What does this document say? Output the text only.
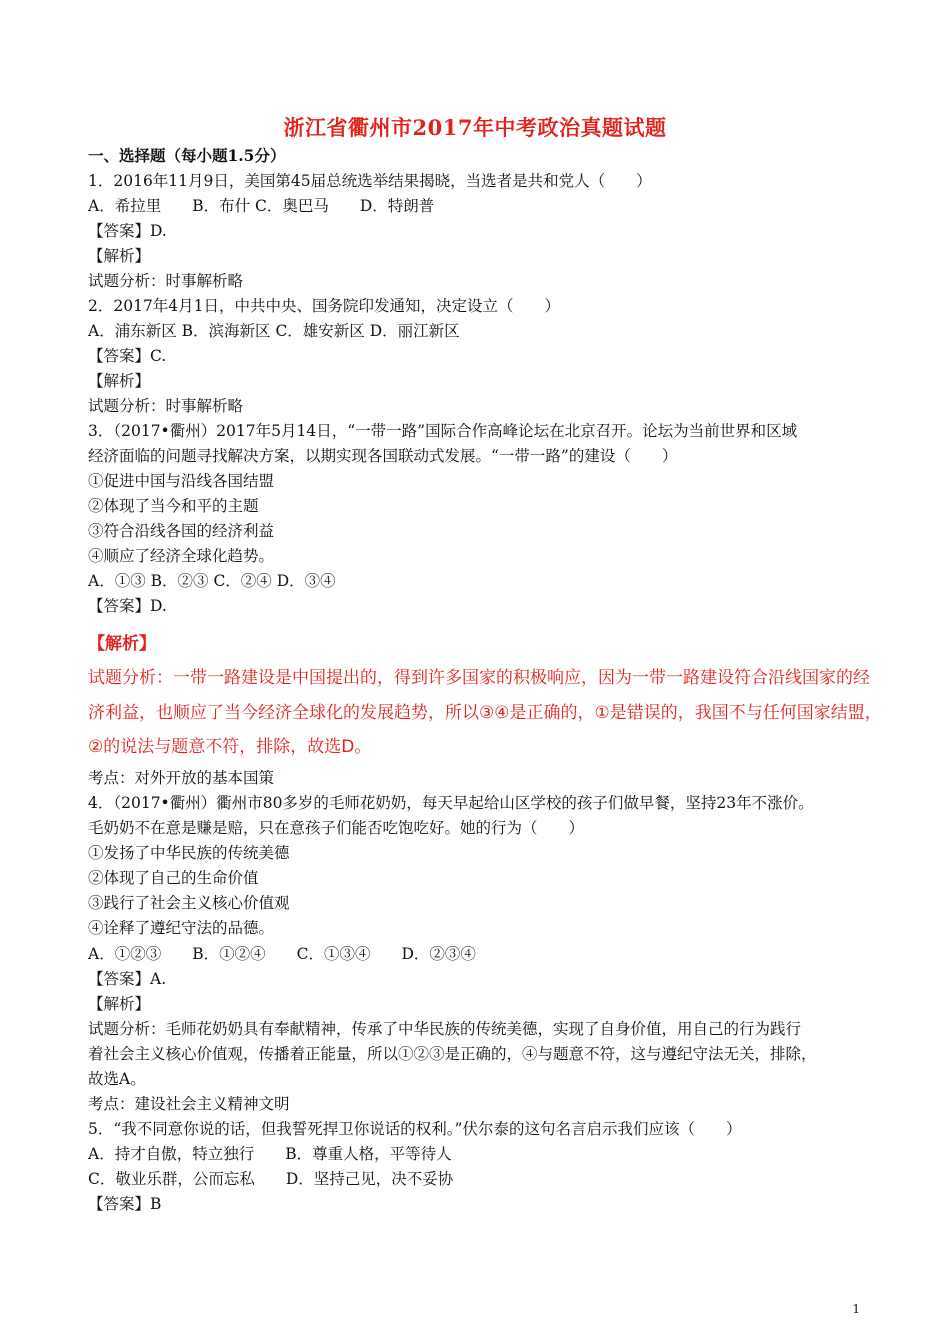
浙江省衢州市2017年中考政治真题试题
一、选择题（每小题1.5分）
1．2016年11月9日，美国第45届总统选举结果揭晓，当选者是共和党人（　　）
A．希拉里　　B．布什 C．奥巴马　　D．特朗普
【答案】D.
【解析】
试题分析：时事解析略
2．2017年4月1日，中共中央、国务院印发通知，决定设立（　　）
A．浦东新区 B．滨海新区 C．雄安新区 D．丽江新区
【答案】C.
【解析】
试题分析：时事解析略
3．（2017•衢州）2017年5月14日，“一带一路”国际合作高峰论坛在北京召开。论坛为当前世界和区域
经济面临的问题寻找解决方案，以期实现各国联动式发展。“一带一路”的建设（　　）
①促进中国与沿线各国结盟
②体现了当今和平的主题
③符合沿线各国的经济利益
④顺应了经济全球化趋势。
A．①③ B．②③ C．②④ D．③④
【答案】D.
【解析】
试题分析：一带一路建设是中国提出的，得到许多国家的积极响应，因为一带一路建设符合沿线国家的经
济利益，也顺应了当今经济全球化的发展趋势，所以③④是正确的，①是错误的，我国不与任何国家结盟，
②的说法与题意不符，排除，故选D。
考点：对外开放的基本国策
4．（2017•衢州）衢州市80多岁的毛师花奶奶，每天早起给山区学校的孩子们做早餐，坚持23年不涨价。
毛奶奶不在意是赚是赔，只在意孩子们能否吃饱吃好。她的行为（　　）
①发扬了中华民族的传统美德
②体现了自己的生命价值
③践行了社会主义核心价值观
④诠释了遵纪守法的品德。
A．①②③　　B．①②④　　C．①③④　　D．②③④
【答案】A.
【解析】
试题分析：毛师花奶奶具有奉献精神，传承了中华民族的传统美德，实现了自身价值，用自己的行为践行
着社会主义核心价值观，传播着正能量，所以①②③是正确的，④与题意不符，这与遵纪守法无关，排除，
故选A。
考点：建设社会主义精神文明
5．“我不同意你说的话，但我誓死捍卫你说话的权利。”伏尔泰的这句名言启示我们应该（　　）
A．持才自傲，特立独行　　B．尊重人格，平等待人
C．敬业乐群，公而忘私　　D．坚持己见，决不妥协
【答案】B
1
